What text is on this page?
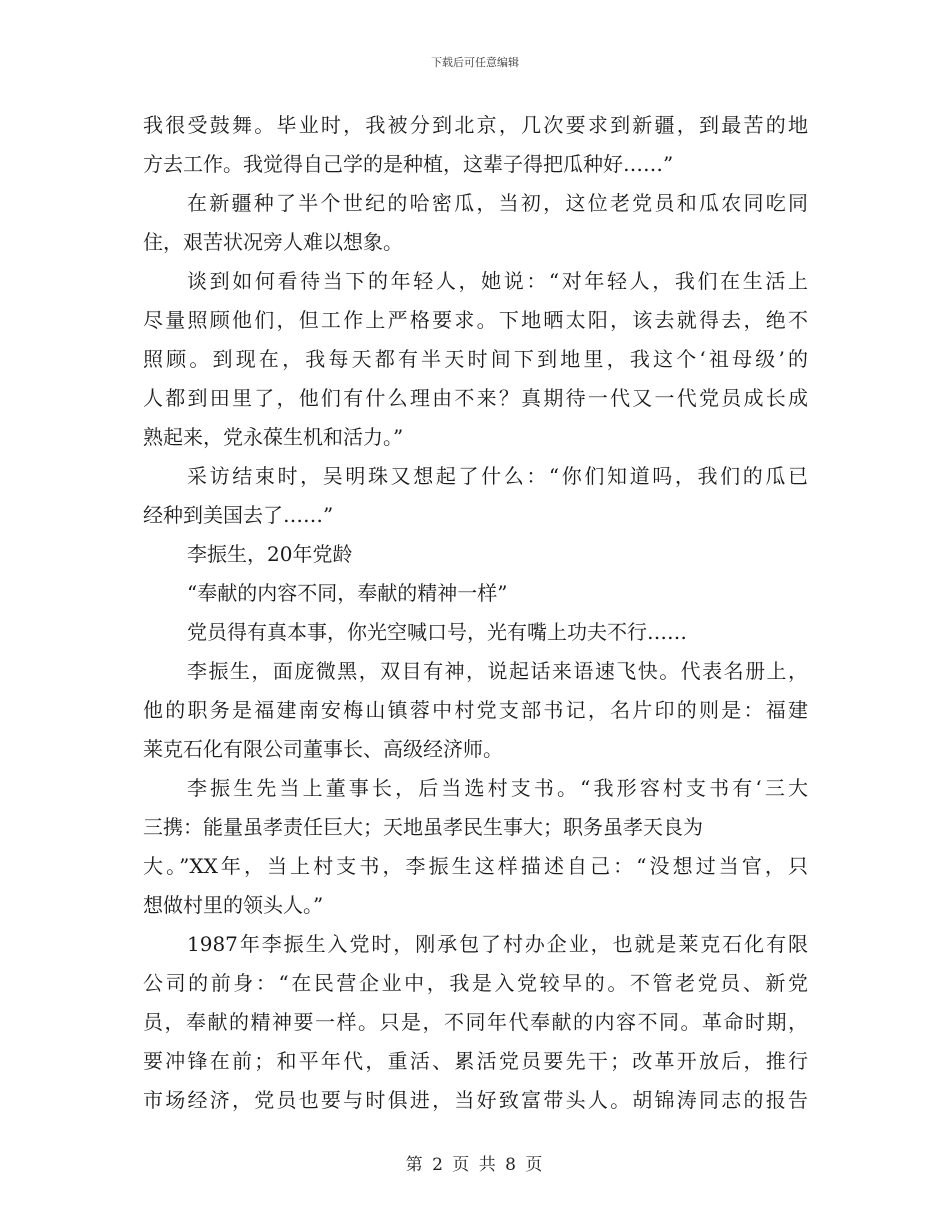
下载后可任意编辑
我很受鼓舞。毕业时，我被分到北京，几次要求到新疆，到最苦的地
方去工作。我觉得自己学的是种植，这辈子得把瓜种好……”
在新疆种了半个世纪的哈密瓜，当初，这位老党员和瓜农同吃同
住，艰苦状况旁人难以想象。
谈到如何看待当下的年轻人，她说：“对年轻人，我们在生活上
尽量照顾他们，但工作上严格要求。下地晒太阳，该去就得去，绝不
照顾。到现在，我每天都有半天时间下到地里，我这个‘祖母级’的
人都到田里了，他们有什么理由不来？真期待一代又一代党员成长成
熟起来，党永葆生机和活力。”
采访结束时，吴明珠又想起了什么：“你们知道吗，我们的瓜已
经种到美国去了……”
李振生，20年党龄
“奉献的内容不同，奉献的精神一样”
党员得有真本事，你光空喊口号，光有嘴上功夫不行……
李振生，面庞微黑，双目有神，说起话来语速飞快。代表名册上，
他的职务是福建南安梅山镇蓉中村党支部书记，名片印的则是：福建
莱克石化有限公司董事长、高级经济师。
李振生先当上董事长，后当选村支书。“我形容村支书有‘三大
三携：能量虽孝责任巨大；天地虽孝民生事大；职务虽孝天良为
大。”XX年，当上村支书，李振生这样描述自己：“没想过当官，只
想做村里的领头人。”
1987年李振生入党时，刚承包了村办企业，也就是莱克石化有限
公司的前身：“在民营企业中，我是入党较早的。不管老党员、新党
员，奉献的精神要一样。只是，不同年代奉献的内容不同。革命时期，
要冲锋在前；和平年代，重活、累活党员要先干；改革开放后，推行
市场经济，党员也要与时俱进，当好致富带头人。胡锦涛同志的报告
第 2 页 共 8 页
